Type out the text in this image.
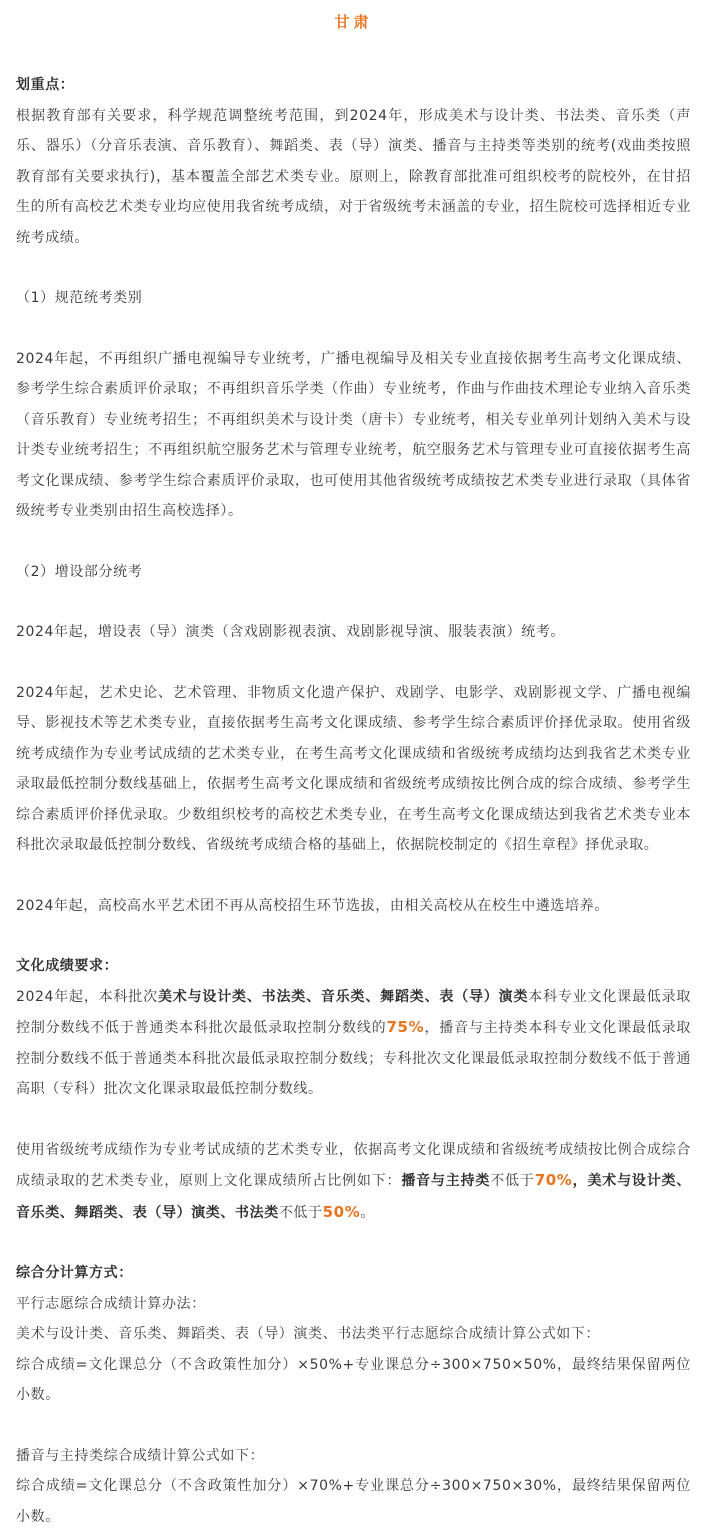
甘肃

划重点：

根据教育部有关要求，科学规范调整统考范围，到2024年，形成美术与设计类、书法类、音乐类（声乐、器乐）（分音乐表演、音乐教育）、舞蹈类、表（导）演类、播音与主持类等类别的统考(戏曲类按照教育部有关要求执行)，基本覆盖全部艺术类专业。原则上，除教育部批准可组织校考的院校外，在甘招生的所有高校艺术类专业均应使用我省统考成绩，对于省级统考未涵盖的专业，招生院校可选择相近专业统考成绩。

（1）规范统考类别

2024年起，不再组织广播电视编导专业统考，广播电视编导及相关专业直接依据考生高考文化课成绩、参考学生综合素质评价录取；不再组织音乐学类（作曲）专业统考，作曲与作曲技术理论专业纳入音乐类（音乐教育）专业统考招生；不再组织美术与设计类（唐卡）专业统考，相关专业单列计划纳入美术与设计类专业统考招生；不再组织航空服务艺术与管理专业统考，航空服务艺术与管理专业可直接依据考生高考文化课成绩、参考学生综合素质评价录取，也可使用其他省级统考成绩按艺术类专业进行录取（具体省级统考专业类别由招生高校选择）。

（2）增设部分统考

2024年起，增设表（导）演类（含戏剧影视表演、戏剧影视导演、服装表演）统考。

2024年起，艺术史论、艺术管理、非物质文化遗产保护、戏剧学、电影学、戏剧影视文学、广播电视编导、影视技术等艺术类专业，直接依据考生高考文化课成绩、参考学生综合素质评价择优录取。使用省级统考成绩作为专业考试成绩的艺术类专业，在考生高考文化课成绩和省级统考成绩均达到我省艺术类专业录取最低控制分数线基础上，依据考生高考文化课成绩和省级统考成绩按比例合成的综合成绩、参考学生综合素质评价择优录取。少数组织校考的高校艺术类专业，在考生高考文化课成绩达到我省艺术类专业本科批次录取最低控制分数线、省级统考成绩合格的基础上，依据院校制定的《招生章程》择优录取。

2024年起，高校高水平艺术团不再从高校招生环节选拔，由相关高校从在校生中遴选培养。

文化成绩要求：

2024年起，本科批次美术与设计类、书法类、音乐类、舞蹈类、表（导）演类本科专业文化课最低录取控制分数线不低于普通类本科批次最低录取控制分数线的75%，播音与主持类本科专业文化课最低录取控制分数线不低于普通类本科批次最低录取控制分数线；专科批次文化课最低录取控制分数线不低于普通高职（专科）批次文化课录取最低控制分数线。

使用省级统考成绩作为专业考试成绩的艺术类专业，依据高考文化课成绩和省级统考成绩按比例合成综合成绩录取的艺术类专业，原则上文化课成绩所占比例如下：播音与主持类不低于70%，美术与设计类、音乐类、舞蹈类、表（导）演类、书法类不低于50%。

综合分计算方式：

平行志愿综合成绩计算办法：

美术与设计类、音乐类、舞蹈类、表（导）演类、书法类平行志愿综合成绩计算公式如下：

综合成绩=文化课总分（不含政策性加分）×50%+专业课总分÷300×750×50%，最终结果保留两位小数。

播音与主持类综合成绩计算公式如下：

综合成绩=文化课总分（不含政策性加分）×70%+专业课总分÷300×750×30%，最终结果保留两位小数。
